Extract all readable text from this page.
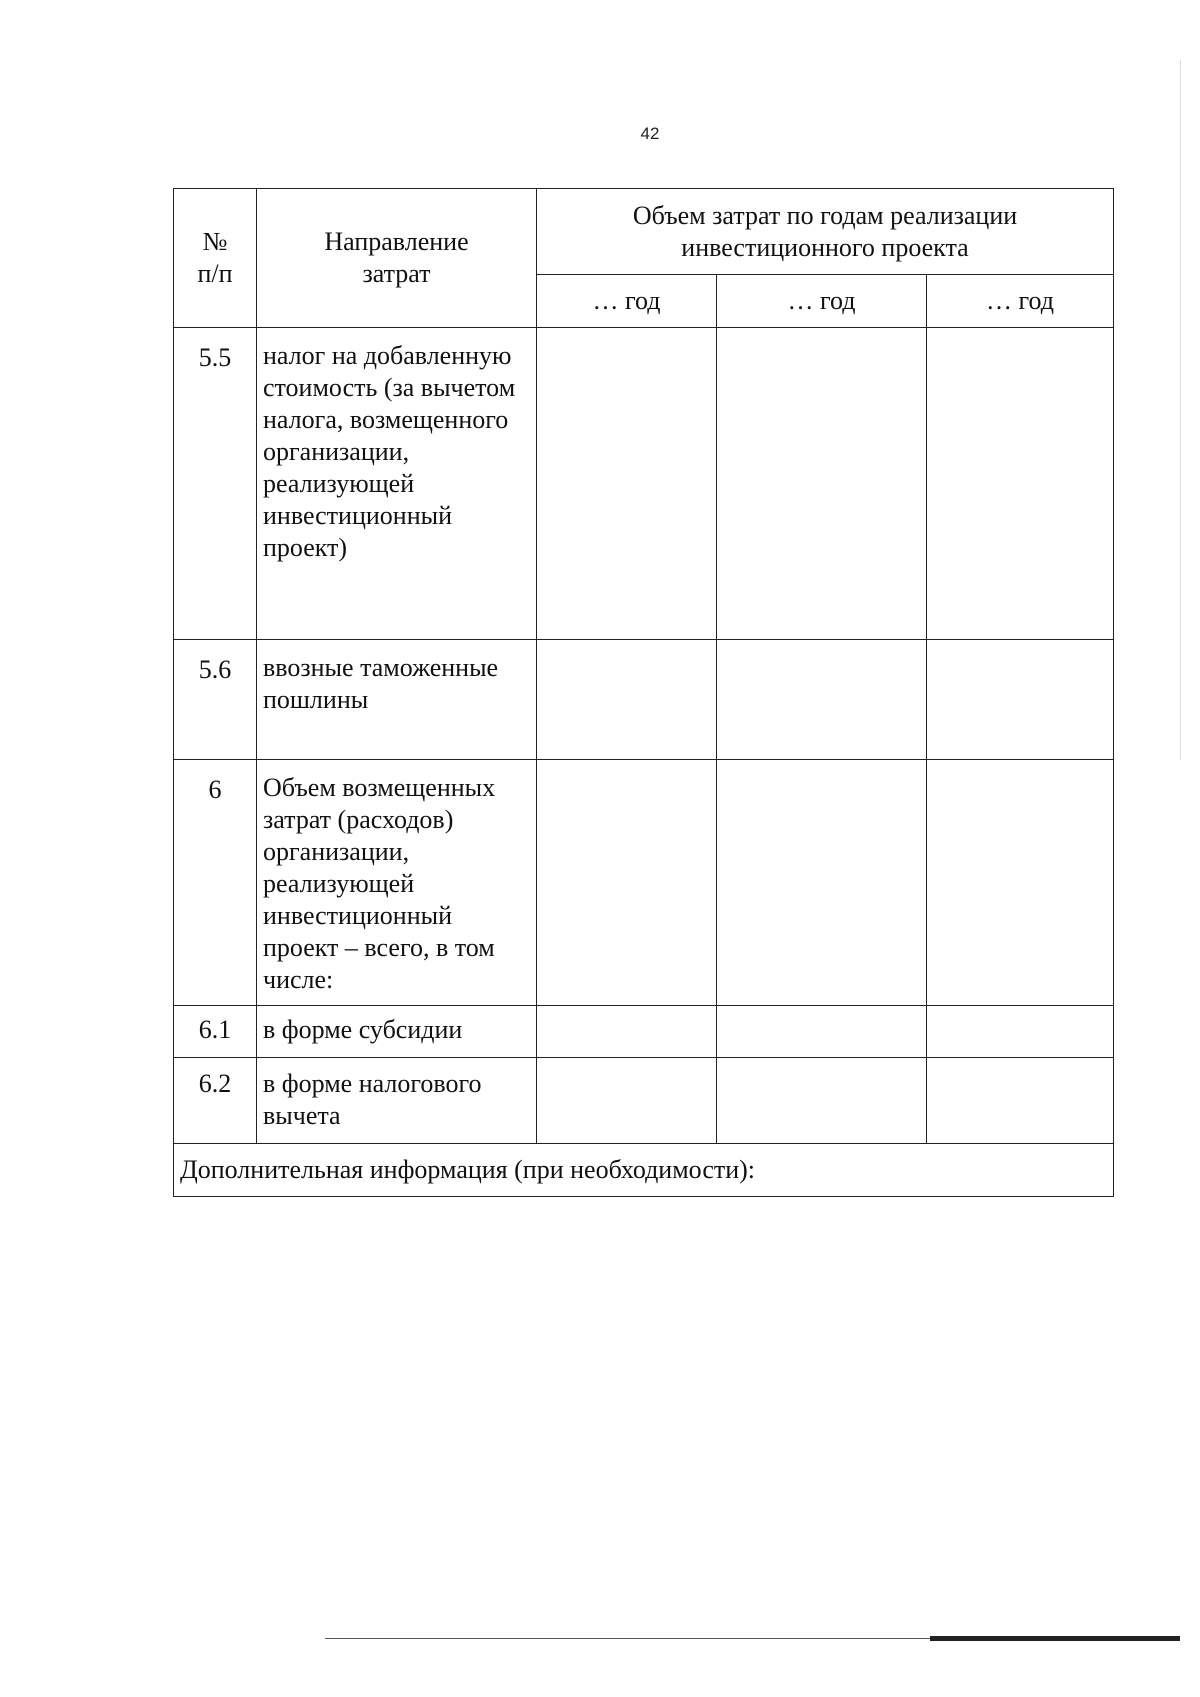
42
№ п/п	Направление затрат	Объем затрат по годам реализации инвестиционного проекта		
		… год	… год	… год
5.5	налог на добавленную стоимость (за вычетом налога, возмещенного организации, реализующей инвестиционный проект)			
5.6	ввозные таможенные пошлины			
6	Объем возмещенных затрат (расходов) организации, реализующей инвестиционный проект – всего, в том числе:			
6.1	в форме субсидии			
6.2	в форме налогового вычета			
Дополнительная информация (при необходимости):				
